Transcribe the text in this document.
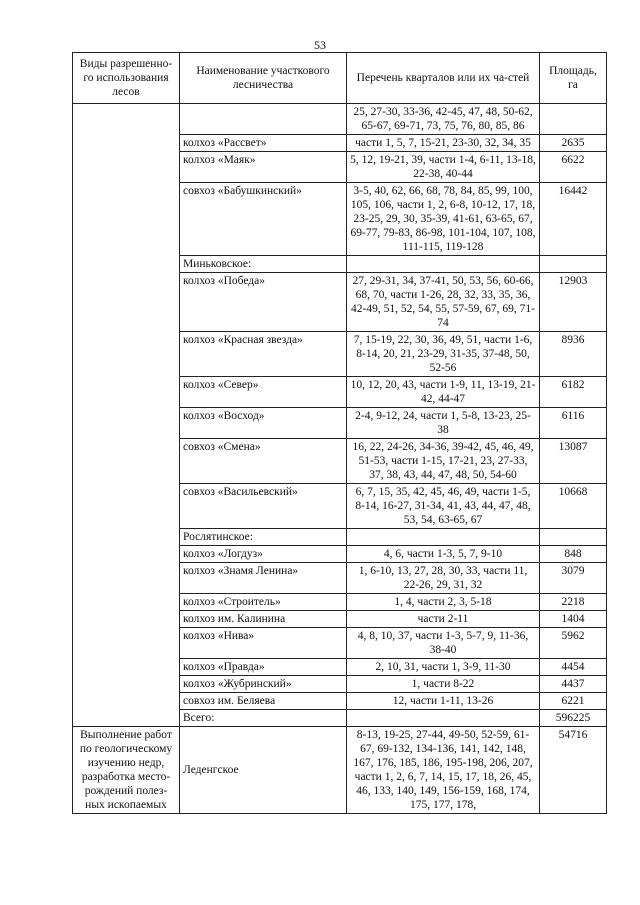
53
Виды разрешенно-го использования лесов	Наименование участкового лесничества	Перечень кварталов или их ча-стей	Площадь, га
		25, 27-30, 33-36, 42-45, 47, 48, 50-62, 65-67, 69-71, 73, 75, 76, 80, 85, 86	
	колхоз «Рассвет»	части 1, 5, 7, 15-21, 23-30, 32, 34, 35	2635
	колхоз «Маяк»	5, 12, 19-21, 39, части 1-4, 6-11, 13-18, 22-38, 40-44	6622
	совхоз «Бабушкинский»	3-5, 40, 62, 66, 68, 78, 84, 85, 99, 100, 105, 106, части 1, 2, 6-8, 10-12, 17, 18, 23-25, 29, 30, 35-39, 41-61, 63-65, 67, 69-77, 79-83, 86-98, 101-104, 107, 108, 111-115, 119-128	16442
	Миньковское:		
	колхоз «Победа»	27, 29-31, 34, 37-41, 50, 53, 56, 60-66, 68, 70, части 1-26, 28, 32, 33, 35, 36, 42-49, 51, 52, 54, 55, 57-59, 67, 69, 71-74	12903
	колхоз «Красная звезда»	7, 15-19, 22, 30, 36, 49, 51, части 1-6, 8-14, 20, 21, 23-29, 31-35, 37-48, 50, 52-56	8936
	колхоз «Север»	10, 12, 20, 43, части 1-9, 11, 13-19, 21-42, 44-47	6182
	колхоз «Восход»	2-4, 9-12, 24, части 1, 5-8, 13-23, 25-38	6116
	совхоз «Смена»	16, 22, 24-26, 34-36, 39-42, 45, 46, 49, 51-53, части 1-15, 17-21, 23, 27-33, 37, 38, 43, 44, 47, 48, 50, 54-60	13087
	совхоз «Васильевский»	6, 7, 15, 35, 42, 45, 46, 49, части 1-5, 8-14, 16-27, 31-34, 41, 43, 44, 47, 48, 53, 54, 63-65, 67	10668
	Рослятинское:		
	колхоз «Логдуз»	4, 6, части 1-3, 5, 7, 9-10	848
	колхоз «Знамя Ленина»	1, 6-10, 13, 27, 28, 30, 33, части 11, 22-26, 29, 31, 32	3079
	колхоз «Строитель»	1, 4, части 2, 3, 5-18	2218
	колхоз им. Калинина	части 2-11	1404
	колхоз «Нива»	4, 8, 10, 37, части 1-3, 5-7, 9, 11-36, 38-40	5962
	колхоз «Правда»	2, 10, 31, части 1, 3-9, 11-30	4454
	колхоз «Жубринский»	1, части 8-22	4437
	совхоз им. Беляева	12, части 1-11, 13-26	6221
	Всего:		596225
Выполнение работ по геологическому изучению недр, разработка место-рождений полез-ных ископаемых	Леденгское	8-13, 19-25, 27-44, 49-50, 52-59, 61-67, 69-132, 134-136, 141, 142, 148, 167, 176, 185, 186, 195-198, 206, 207, части 1, 2, 6, 7, 14, 15, 17, 18, 26, 45, 46, 133, 140, 149, 156-159, 168, 174, 175, 177, 178,	54716
